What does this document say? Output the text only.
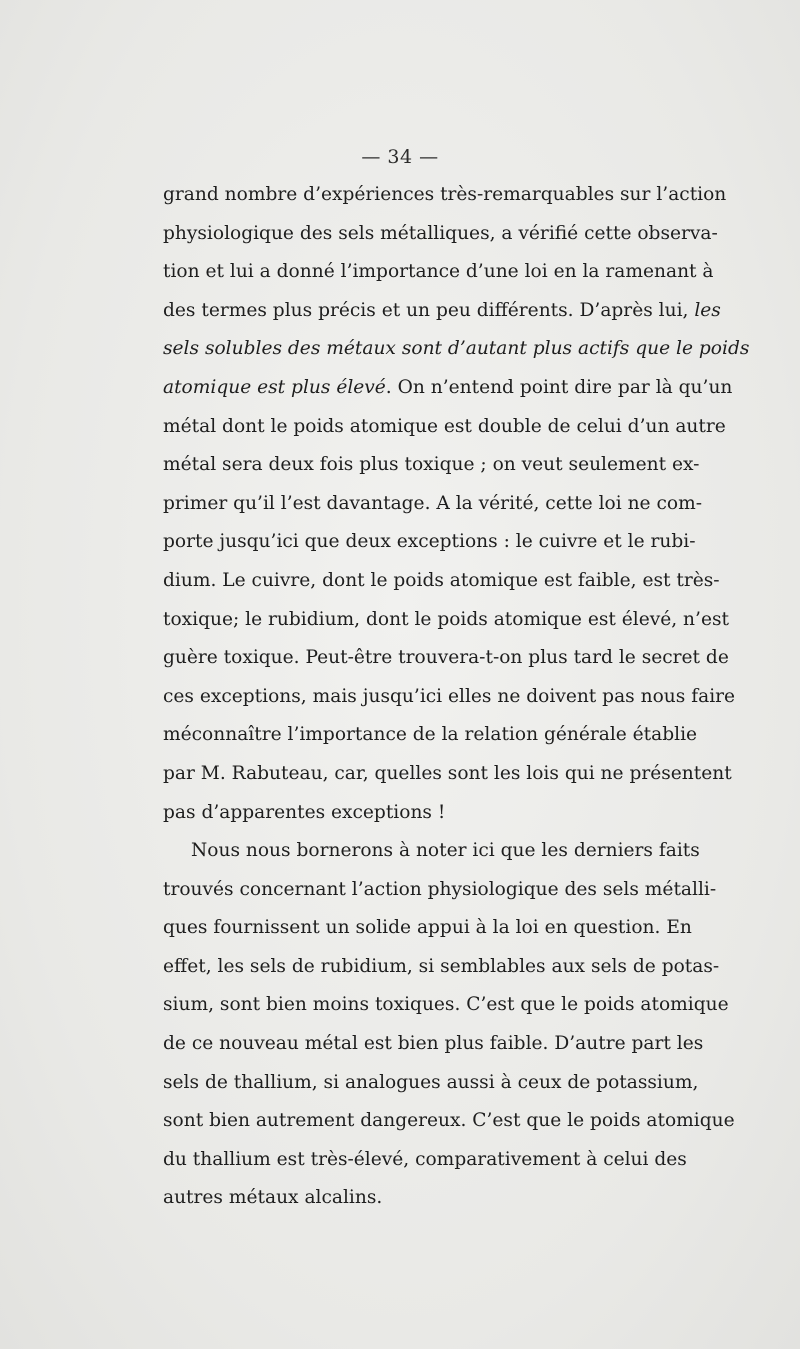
— 34 —
grand nombre d’expériences très-remarquables sur l’action
physiologique des sels métalliques, a vérifié cette observa-
tion et lui a donné l’importance d’une loi en la ramenant à
des termes plus précis et un peu différents. D’après lui, les
sels solubles des métaux sont d’autant plus actifs que le poids
atomique est plus élevé. On n’entend point dire par là qu’un
métal dont le poids atomique est double de celui d’un autre
métal sera deux fois plus toxique ; on veut seulement ex-
primer qu’il l’est davantage. A la vérité, cette loi ne com-
porte jusqu’ici que deux exceptions : le cuivre et le rubi-
dium. Le cuivre, dont le poids atomique est faible, est très-
toxique; le rubidium, dont le poids atomique est élevé, n’est
guère toxique. Peut-être trouvera-t-on plus tard le secret de
ces exceptions, mais jusqu’ici elles ne doivent pas nous faire
méconnaître l’importance de la relation générale établie
par M. Rabuteau, car, quelles sont les lois qui ne présentent
pas d’apparentes exceptions !
Nous nous bornerons à noter ici que les derniers faits
trouvés concernant l’action physiologique des sels métalli-
ques fournissent un solide appui à la loi en question. En
effet, les sels de rubidium, si semblables aux sels de potas-
sium, sont bien moins toxiques. C’est que le poids atomique
de ce nouveau métal est bien plus faible. D’autre part les
sels de thallium, si analogues aussi à ceux de potassium,
sont bien autrement dangereux. C’est que le poids atomique
du thallium est très-élevé, comparativement à celui des
autres métaux alcalins.
